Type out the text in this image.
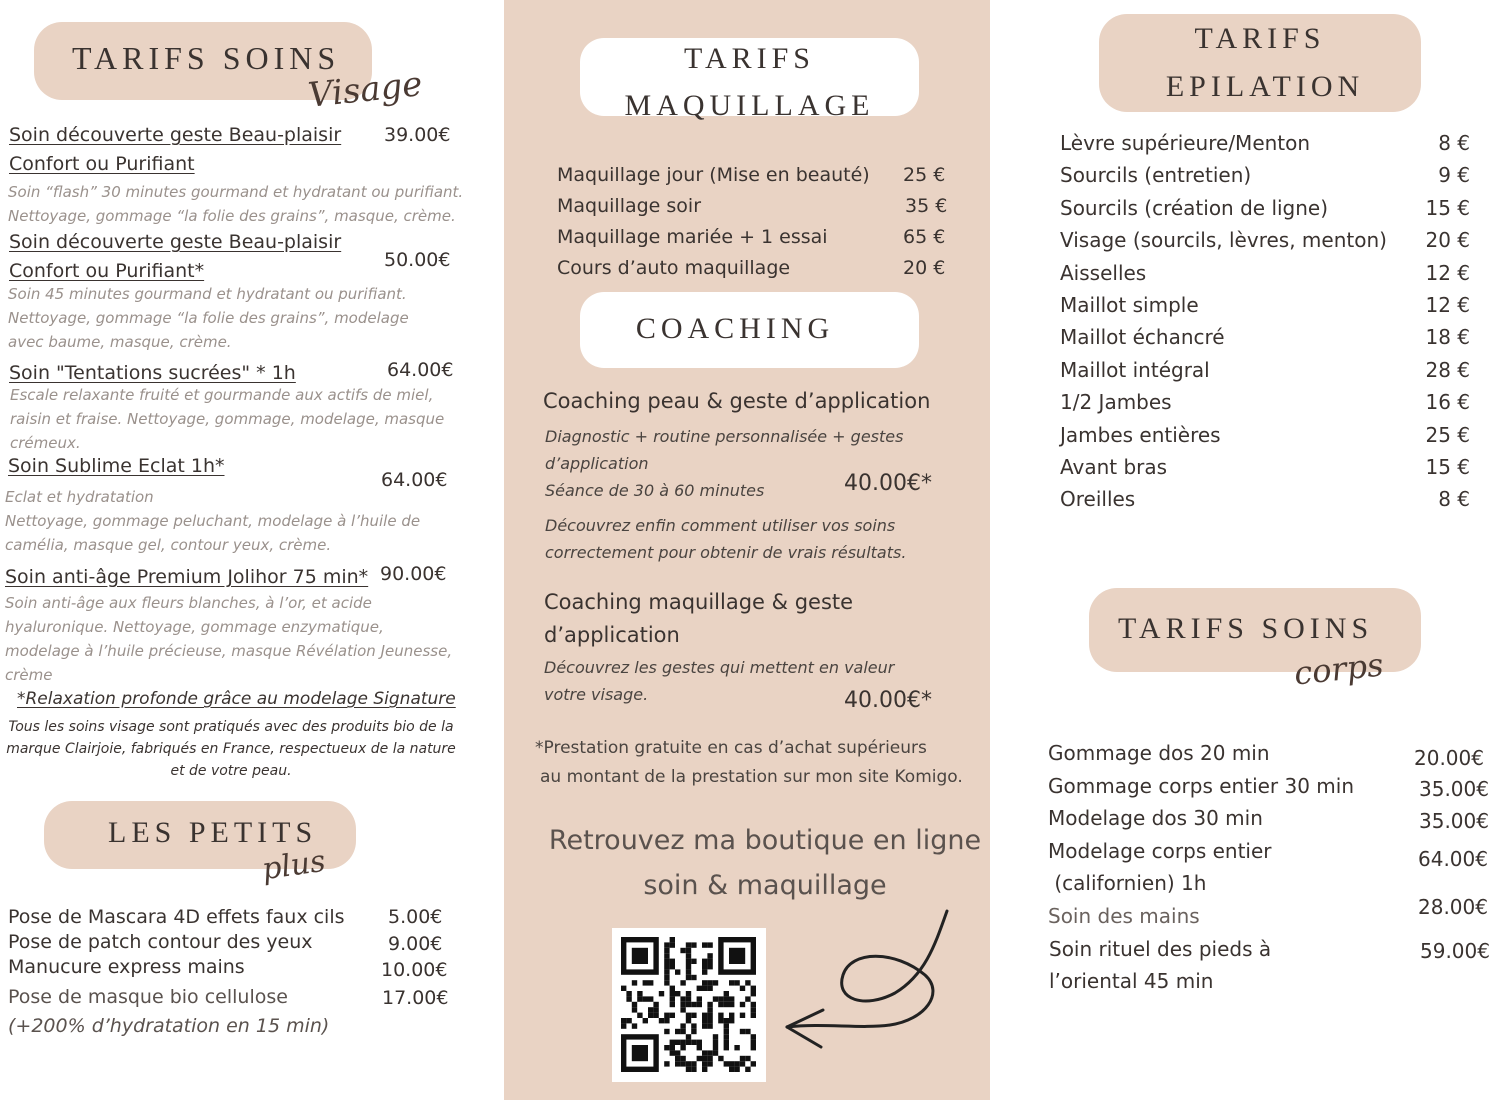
TARIFS SOINS
Visage
Soin découverte geste Beau-plaisir 39.00€
Confort ou Purifiant
Soin “flash” 30 minutes gourmand et hydratant ou purifiant.
Nettoyage, gommage “la folie des grains”, masque, crème.
Soin découverte geste Beau-plaisir
Confort ou Purifiant*	50.00€
Soin 45 minutes gourmand et hydratant ou purifiant.
Nettoyage, gommage “la folie des grains”, modelage
avec baume, masque, crème.
Soin "Tentations sucrées" * 1h	64.00€
Escale relaxante fruité et gourmande aux actifs de miel,
raisin et fraise. Nettoyage, gommage, modelage, masque
crémeux.
Soin Sublime Eclat 1h*
64.00€
Eclat et hydratation
Nettoyage, gommage peluchant, modelage à l’huile de
camélia, masque gel, contour yeux, crème.
Soin anti-âge Premium Jolihor 75 min* 90.00€
Soin anti-âge aux fleurs blanches, à l’or, et acide
hyaluronique. Nettoyage, gommage enzymatique,
modelage à l’huile précieuse, masque Révélation Jeunesse,
crème
*Relaxation profonde grâce au modelage Signature
Tous les soins visage sont pratiqués avec des produits bio de la
marque Clairjoie, fabriqués en France, respectueux de la nature
et de votre peau.
LES PETITS
plus
Pose de Mascara 4D effets faux cils 5.00€
Pose de patch contour des yeux	9.00€
Manucure express mains	10.00€
Pose de masque bio cellulose	17.00€
(+200% d’hydratation en 15 min)
TARIFS
MAQUILLAGE
Maquillage jour (Mise en beauté) 25 €
Maquillage soir	35 €
Maquillage mariée + 1 essai	65 €
Cours d’auto maquillage	20 €
COACHING
Coaching peau & geste d’application
Diagnostic + routine personnalisée + gestes
d’application
Séance de 30 à 60 minutes	40.00€*
Découvrez enfin comment utiliser vos soins
correctement pour obtenir de vrais résultats.
Coaching maquillage & geste
d’application
Découvrez les gestes qui mettent en valeur
votre visage.	40.00€*
*Prestation gratuite en cas d’achat supérieurs
au montant de la prestation sur mon site Komigo.
Retrouvez ma boutique en ligne
soin & maquillage
TARIFS
EPILATION
Lèvre supérieure/Menton	8 €
Sourcils (entretien)	9 €
Sourcils (création de ligne)	15 €
Visage (sourcils, lèvres, menton) 20 €
Aisselles	12 €
Maillot simple	12 €
Maillot échancré	18 €
Maillot intégral	28 €
1/2 Jambes	16 €
Jambes entières	25 €
Avant bras	15 €
Oreilles	8 €
TARIFS SOINS
corps
Gommage dos 20 min	20.00€
Gommage corps entier 30 min	35.00€
Modelage dos 30 min	35.00€
Modelage corps entier
(californien) 1h
64.00€
Soin des mains	28.00€
Soin rituel des pieds à
l’oriental 45 min
59.00€
